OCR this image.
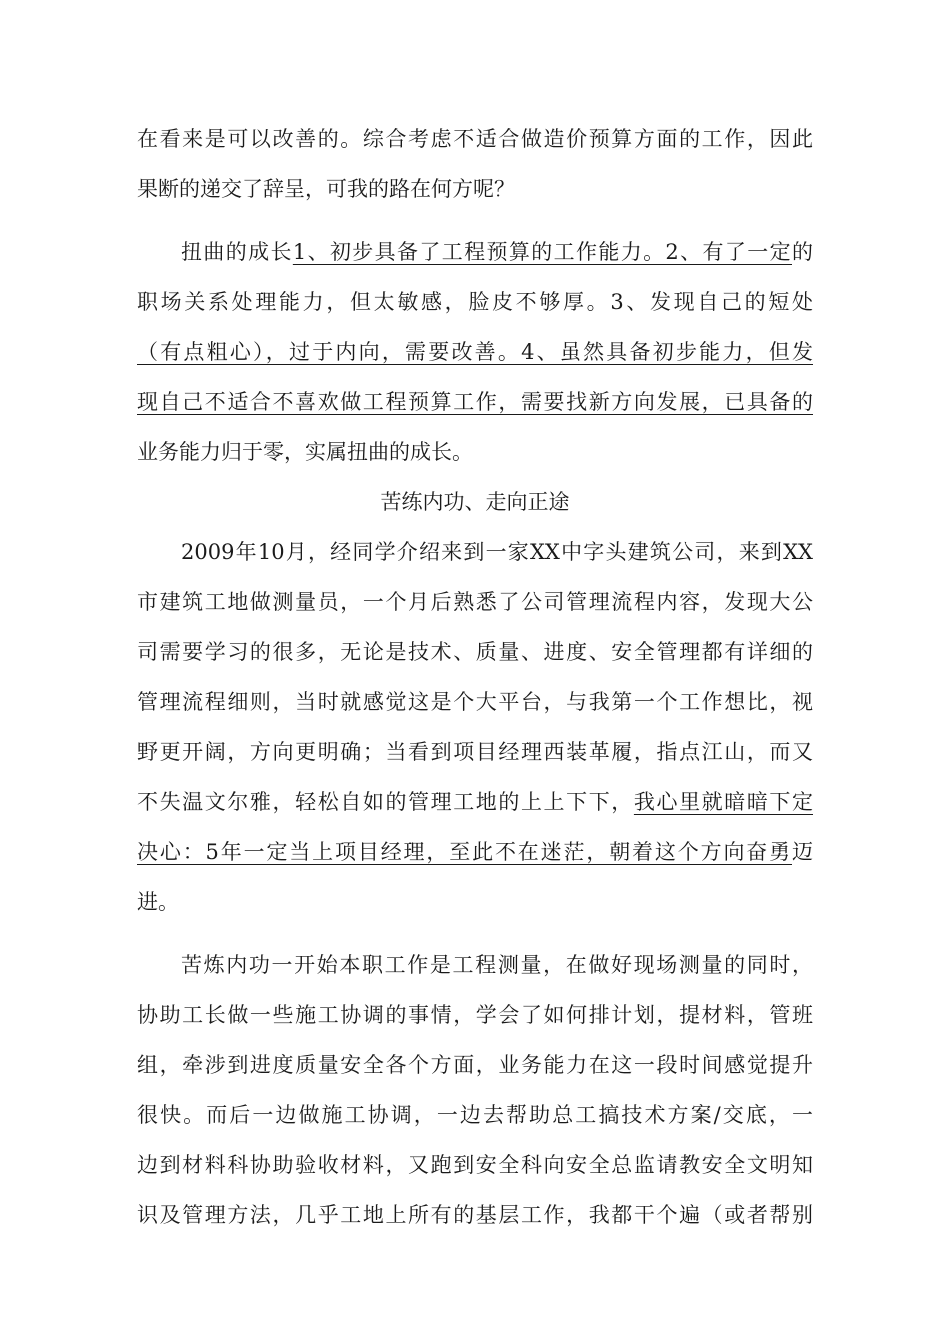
在看来是可以改善的。综合考虑不适合做造价预算方面的工作，因此
果断的递交了辞呈，可我的路在何方呢？
扭曲的成长1、初步具备了工程预算的工作能力。2、有了一定的
职场关系处理能力，但太敏感，脸皮不够厚。3、发现自己的短处
（有点粗心），过于内向，需要改善。4、虽然具备初步能力，但发
现自己不适合不喜欢做工程预算工作，需要找新方向发展，已具备的
业务能力归于零，实属扭曲的成长。
苦练内功、走向正途
2009年10月，经同学介绍来到一家XX中字头建筑公司，来到XX
市建筑工地做测量员，一个月后熟悉了公司管理流程内容，发现大公
司需要学习的很多，无论是技术、质量、进度、安全管理都有详细的
管理流程细则，当时就感觉这是个大平台，与我第一个工作想比，视
野更开阔，方向更明确；当看到项目经理西装革履，指点江山，而又
不失温文尔雅，轻松自如的管理工地的上上下下，我心里就暗暗下定
决心：5年一定当上项目经理，至此不在迷茫，朝着这个方向奋勇迈
进。
苦炼内功一开始本职工作是工程测量，在做好现场测量的同时，
协助工长做一些施工协调的事情，学会了如何排计划，提材料，管班
组，牵涉到进度质量安全各个方面，业务能力在这一段时间感觉提升
很快。而后一边做施工协调，一边去帮助总工搞技术方案/交底，一
边到材料科协助验收材料，又跑到安全科向安全总监请教安全文明知
识及管理方法，几乎工地上所有的基层工作，我都干个遍（或者帮别
